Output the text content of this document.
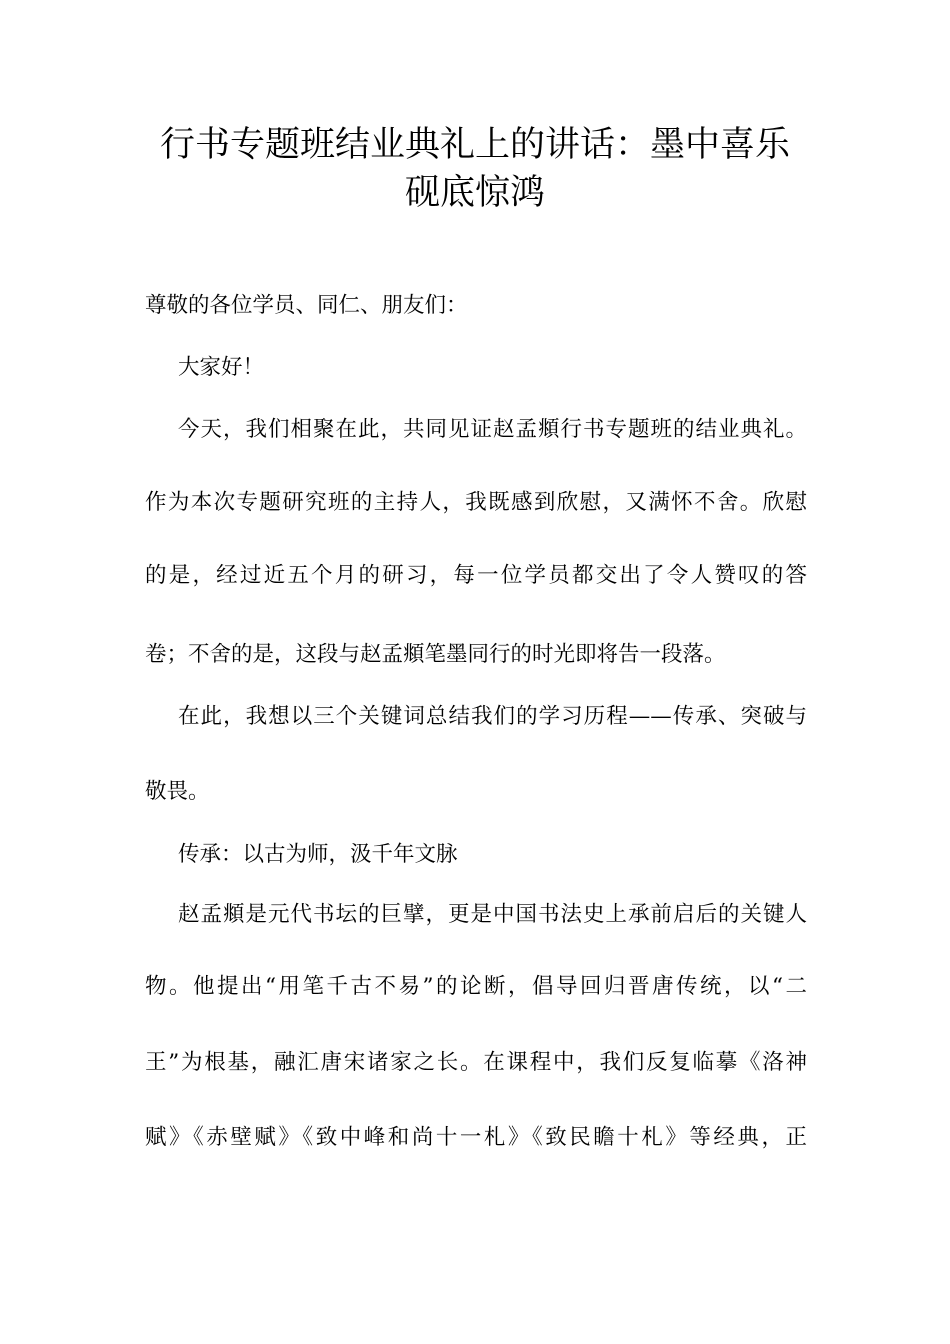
行书专题班结业典礼上的讲话：墨中喜乐
砚底惊鸿
尊敬的各位学员、同仁、朋友们：
大家好！
今天，我们相聚在此，共同见证赵孟頫行书专题班的结业典礼。
作为本次专题研究班的主持人，我既感到欣慰，又满怀不舍。欣慰
的是，经过近五个月的研习，每一位学员都交出了令人赞叹的答
卷；不舍的是，这段与赵孟頫笔墨同行的时光即将告一段落。
在此，我想以三个关键词总结我们的学习历程——传承、突破与
敬畏。
传承：以古为师，汲千年文脉
赵孟頫是元代书坛的巨擘，更是中国书法史上承前启后的关键人
物。他提出“用笔千古不易”的论断，倡导回归晋唐传统，以“二
王”为根基，融汇唐宋诸家之长。在课程中，我们反复临摹《洛神
赋》《赤壁赋》《致中峰和尚十一札》《致民瞻十札》等经典，正
